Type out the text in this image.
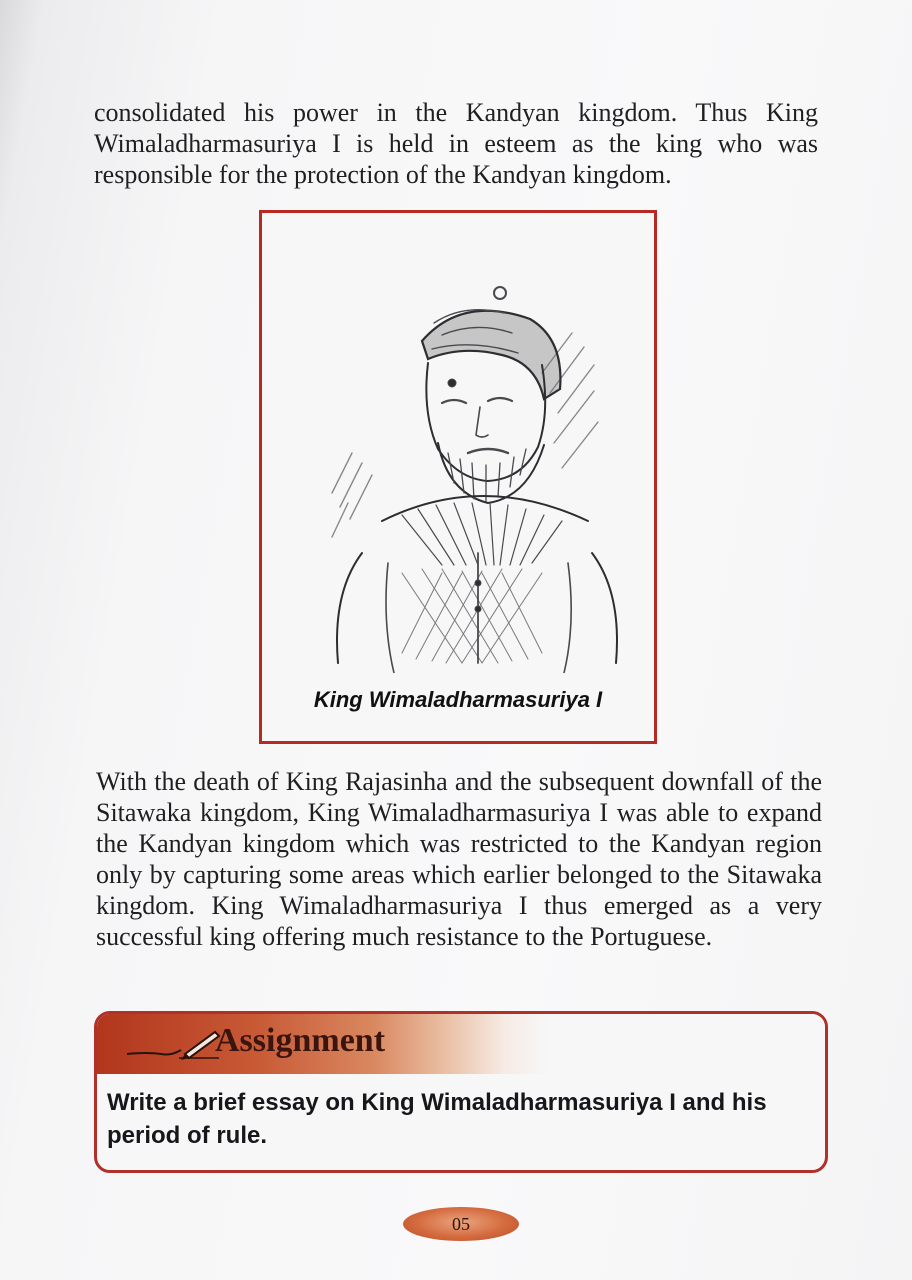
consolidated his power in the Kandyan kingdom. Thus King Wimaladharmasuriya I is held in esteem as the king who was responsible for the protection of the Kandyan kingdom.

King Wimaladharmasuriya I

With the death of King Rajasinha and the subsequent downfall of the Sitawaka kingdom, King Wimaladharmasuriya I was able to expand the Kandyan kingdom which was restricted to the Kandyan region only by capturing some areas which earlier belonged to the Sitawaka kingdom. King Wimaladharmasuriya I thus emerged as a very successful king offering much resistance to the Portuguese.

Assignment

Write a brief essay on King Wimaladharmasuriya I and his period of rule.

05
